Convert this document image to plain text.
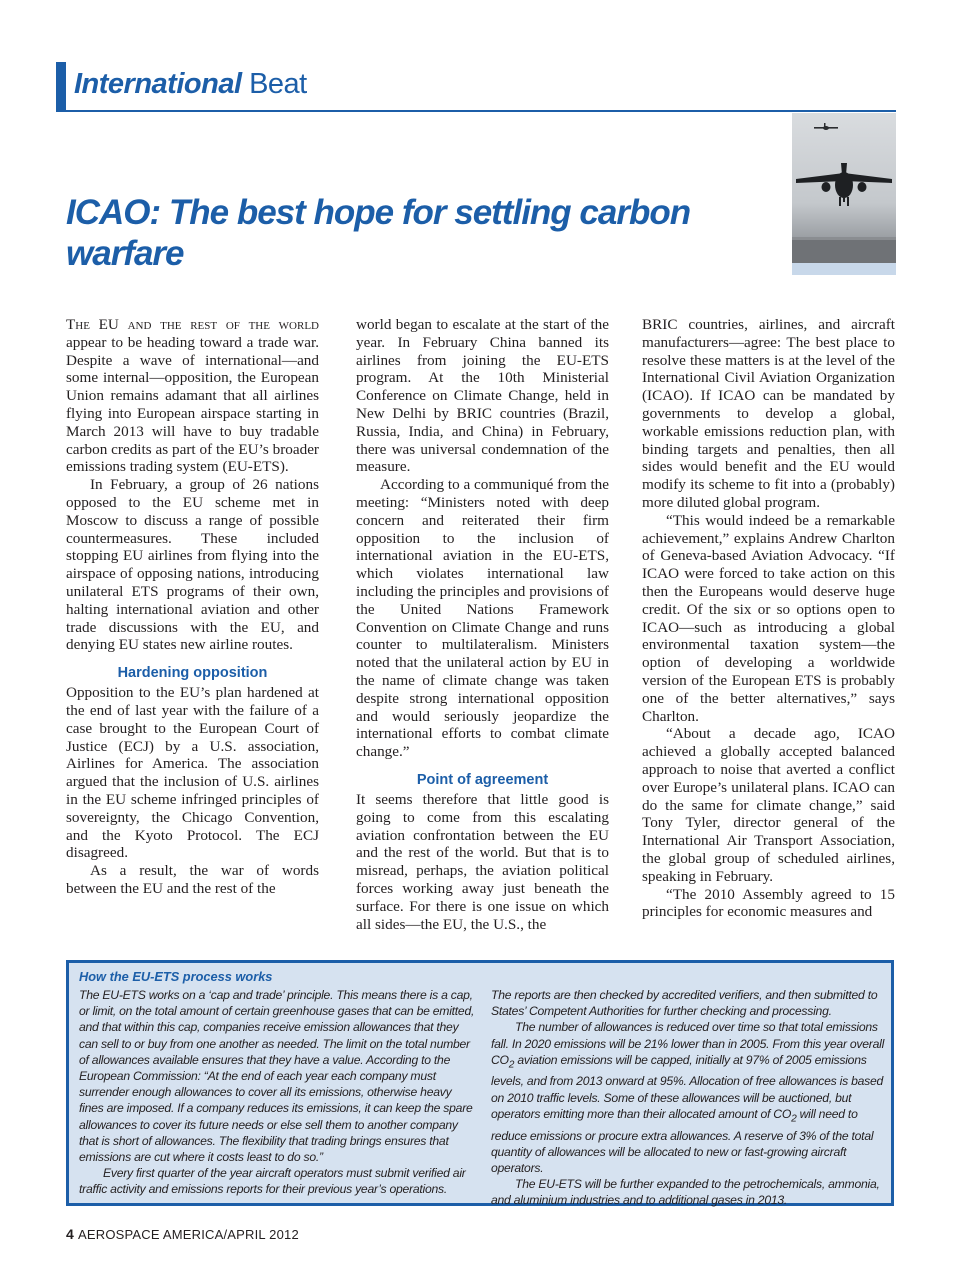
International Beat
ICAO: The best hope for settling carbon warfare

The EU and the rest of the world appear to be heading toward a trade war. Despite a wave of international—and some internal—opposition, the European Union remains adamant that all airlines flying into European airspace starting in March 2013 will have to buy tradable carbon credits as part of the EU’s broader emissions trading system (EU-ETS).

In February, a group of 26 nations opposed to the EU scheme met in Moscow to discuss a range of possible countermeasures. These included stopping EU airlines from flying into the airspace of opposing nations, introducing unilateral ETS programs of their own, halting international aviation and other trade discussions with the EU, and denying EU states new airline routes.

Hardening opposition

Opposition to the EU’s plan hardened at the end of last year with the failure of a case brought to the European Court of Justice (ECJ) by a U.S. association, Airlines for America. The association argued that the inclusion of U.S. airlines in the EU scheme infringed principles of sovereignty, the Chicago Convention, and the Kyoto Protocol. The ECJ disagreed.

As a result, the war of words between the EU and the rest of the

world began to escalate at the start of the year. In February China banned its airlines from joining the EU-ETS program. At the 10th Ministerial Conference on Climate Change, held in New Delhi by BRIC countries (Brazil, Russia, India, and China) in February, there was universal condemnation of the measure.

According to a communiqué from the meeting: “Ministers noted with deep concern and reiterated their firm opposition to the inclusion of international aviation in the EU-ETS, which violates international law including the principles and provisions of the United Nations Framework Convention on Climate Change and runs counter to multilateralism. Ministers noted that the unilateral action by EU in the name of climate change was taken despite strong international opposition and would seriously jeopardize the international efforts to combat climate change.”

Point of agreement

It seems therefore that little good is going to come from this escalating aviation confrontation between the EU and the rest of the world. But that is to misread, perhaps, the aviation political forces working away just beneath the surface. For there is one issue on which all sides—the EU, the U.S., the

BRIC countries, airlines, and aircraft manufacturers—agree: The best place to resolve these matters is at the level of the International Civil Aviation Organization (ICAO). If ICAO can be mandated by governments to develop a global, workable emissions reduction plan, with binding targets and penalties, then all sides would benefit and the EU would modify its scheme to fit into a (probably) more diluted global program.

“This would indeed be a remarkable achievement,” explains Andrew Charlton of Geneva-based Aviation Advocacy. “If ICAO were forced to take action on this then the Europeans would deserve huge credit. Of the six or so options open to ICAO—such as introducing a global environmental taxation system—the option of developing a worldwide version of the European ETS is probably one of the better alternatives,” says Charlton.

“About a decade ago, ICAO achieved a globally accepted balanced approach to noise that averted a conflict over Europe’s unilateral plans. ICAO can do the same for climate change,” said Tony Tyler, director general of the International Air Transport Association, the global group of scheduled airlines, speaking in February.

“The 2010 Assembly agreed to 15 principles for economic measures and

How the EU-ETS process works

The EU-ETS works on a ‘cap and trade’ principle. This means there is a cap, or limit, on the total amount of certain greenhouse gases that can be emitted, and that within this cap, companies receive emission allowances that they can sell to or buy from one another as needed. The limit on the total number of allowances available ensures that they have a value. According to the European Commission: “At the end of each year each company must surrender enough allowances to cover all its emissions, otherwise heavy fines are imposed. If a company reduces its emissions, it can keep the spare allowances to cover its future needs or else sell them to another company that is short of allowances. The flexibility that trading brings ensures that emissions are cut where it costs least to do so.”

Every first quarter of the year aircraft operators must submit verified air traffic activity and emissions reports for their previous year’s operations.

The reports are then checked by accredited verifiers, and then submitted to States’ Competent Authorities for further checking and processing.

The number of allowances is reduced over time so that total emissions fall. In 2020 emissions will be 21% lower than in 2005. From this year overall $CO_2$ aviation emissions will be capped, initially at 97% of 2005 emissions levels, and from 2013 onward at 95%. Allocation of free allowances is based on 2010 traffic levels. Some of these allowances will be auctioned, but operators emitting more than their allocated amount of $CO_2$ will need to reduce emissions or procure extra allowances. A reserve of 3% of the total quantity of allowances will be allocated to new or fast-growing aircraft operators.

The EU-ETS will be further expanded to the petrochemicals, ammonia, and aluminium industries and to additional gases in 2013.

4 AEROSPACE AMERICA/APRIL 2012
